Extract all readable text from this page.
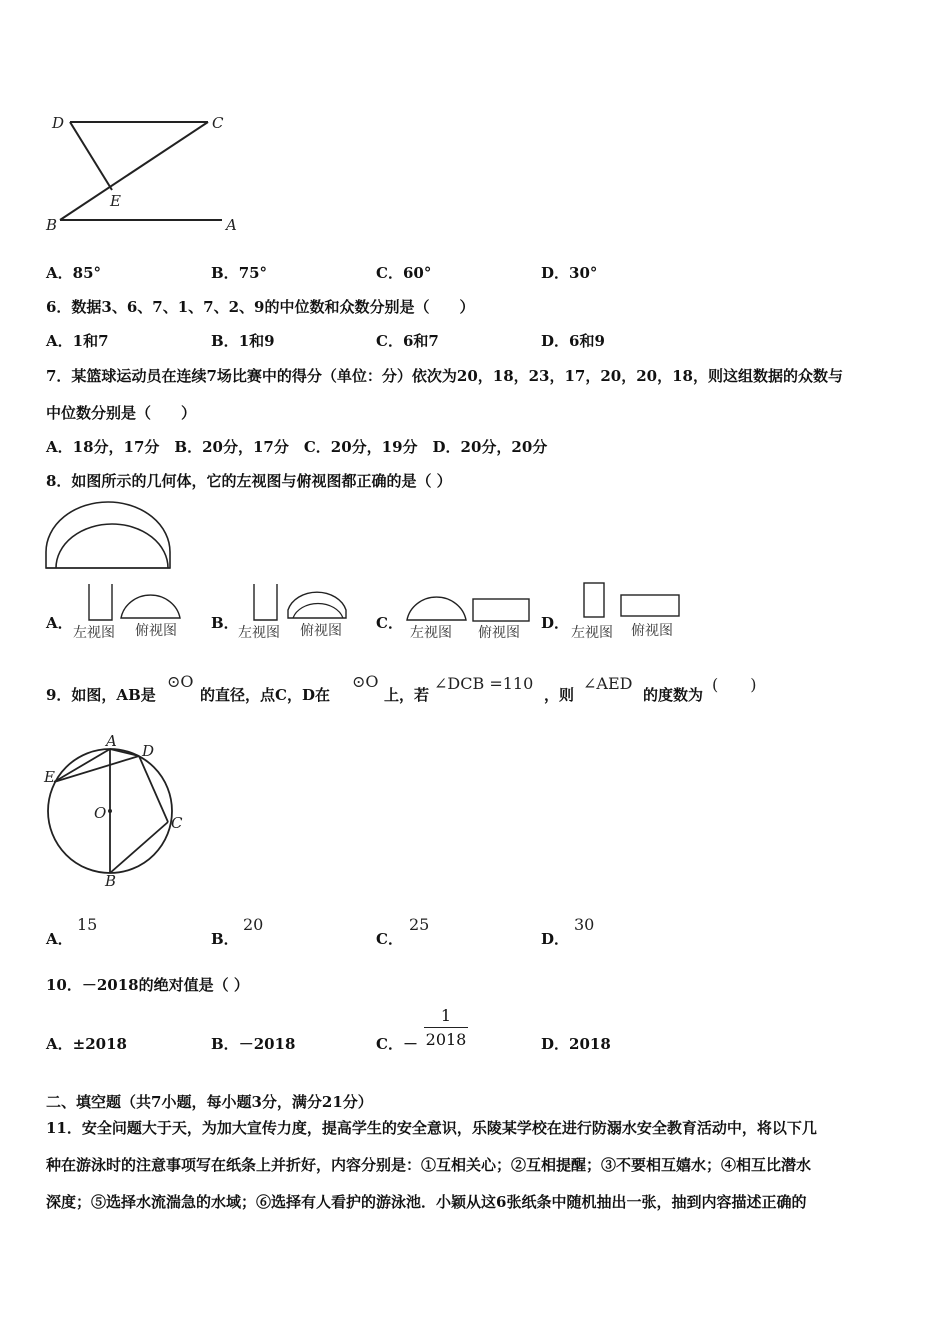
D	C
E
B	A
A．85°	B．75°	C．60°	D．30°
6．数据3、6、7、1、7、2、9的中位数和众数分别是（　　）
A．1和7	B．1和9	C．6和7	D．6和9
7．某篮球运动员在连续7场比赛中的得分（单位：分）依次为20，18，23，17，20，20，18，则这组数据的众数与
中位数分别是（　　）
A．18分，17分　B．20分，17分　C．20分，19分　D．20分，20分
8．如图所示的几何体，它的左视图与俯视图都正确的是（ ）
A．
左视图 俯视图 B．
左视图 俯视图 C．
左视图 俯视图
D．
左视图 俯视图
9．如图，AB是
⊙O
的直径，点C，D在
⊙O
上，若
∠DCB =110
，则
∠AED
的度数为
(　　)
A
D
E
O
C
B
A．
15
B．
20
C．
25
D．
30
10．－2018的绝对值是（ ）
A．±2018	B．－2018	C．－
1
2018	D．2018
二、填空题（共7小题，每小题3分，满分21分）
11．安全问题大于天，为加大宣传力度，提高学生的安全意识，乐陵某学校在进行防溺水安全教育活动中，将以下几
种在游泳时的注意事项写在纸条上并折好，内容分别是：①互相关心；②互相提醒；③不要相互嬉水；④相互比潜水
深度；⑤选择水流湍急的水域；⑥选择有人看护的游泳池．小颖从这6张纸条中随机抽出一张，抽到内容描述正确的
